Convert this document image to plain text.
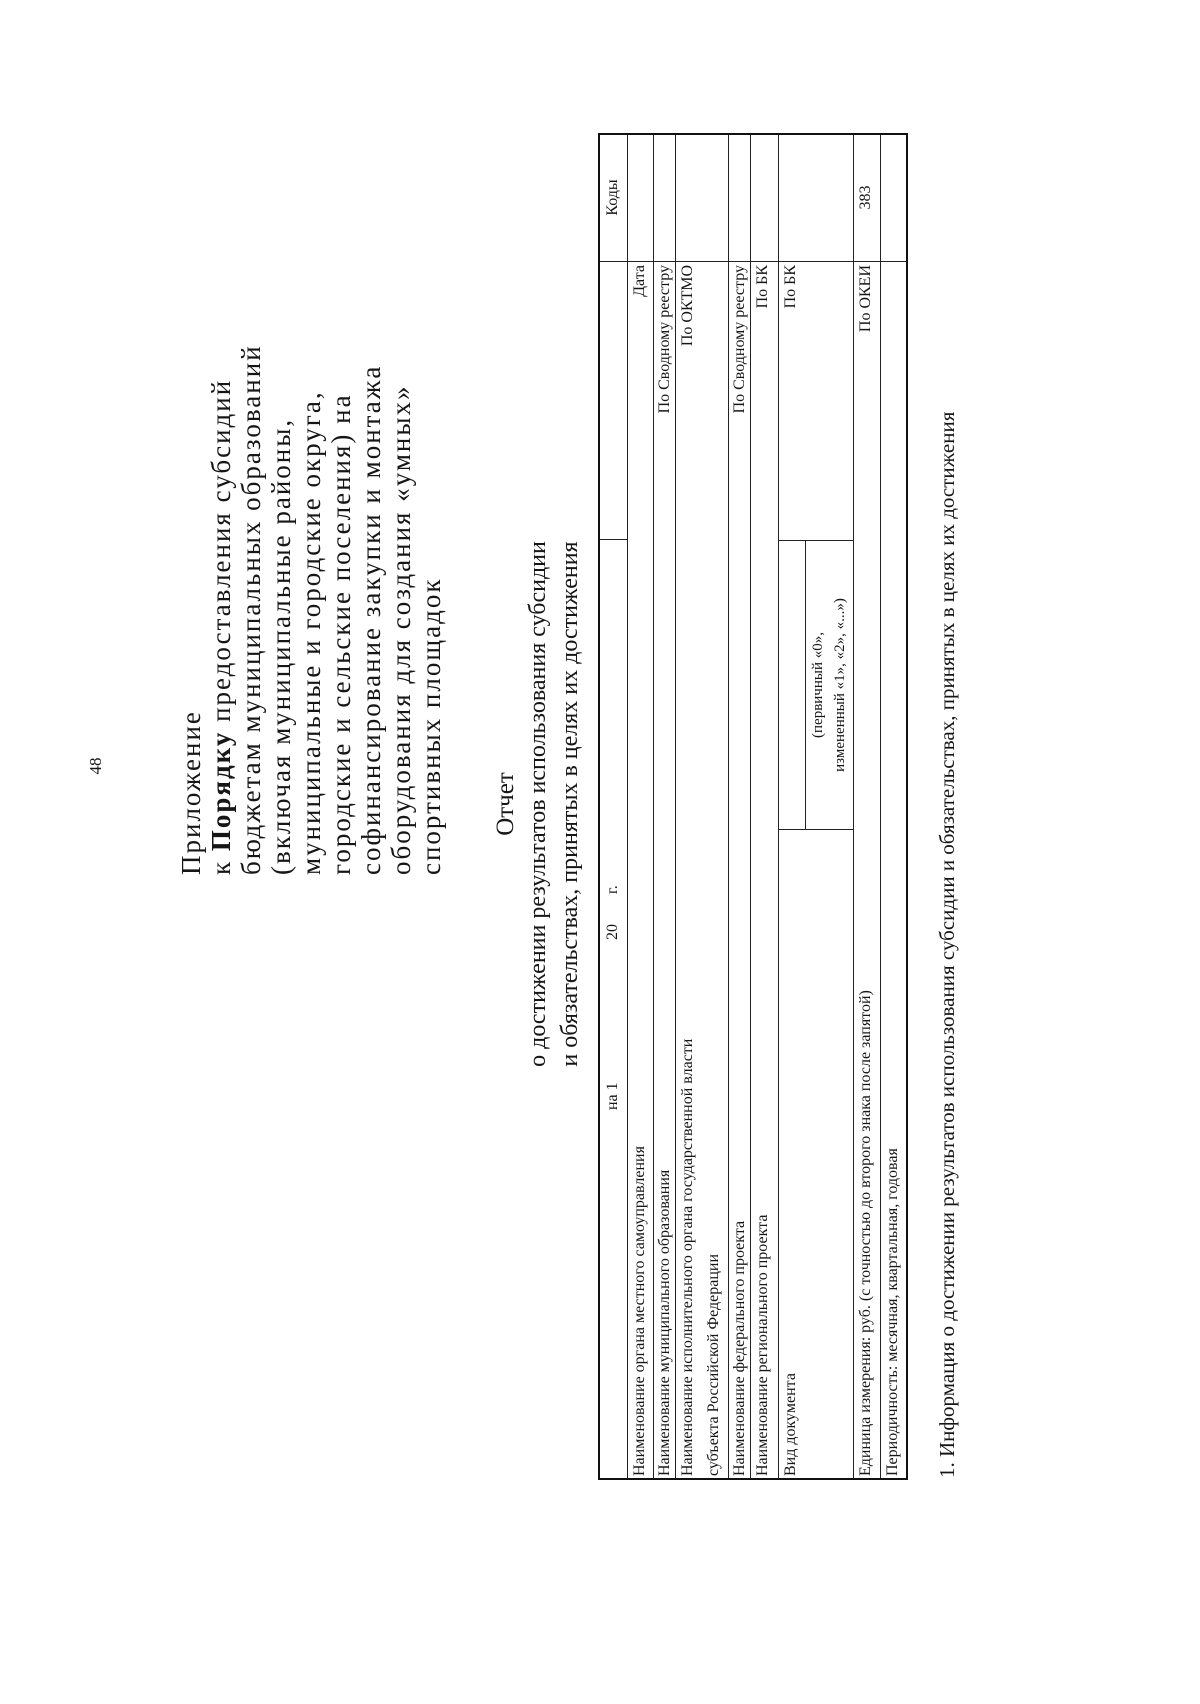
48	Приложение к Порядку предоставления субсидий бюджетам муниципальных образований (включая муниципальные районы, муниципальные и городские округа, городские и сельские поселения) на софинансирование закупки и монтажа оборудования для создания «умных» спортивных площадок Отчет о достижении результатов использования субсидии и обязательствах, принятых в целях их достижения
на 1
20
г.
Коды
Наименование органа местного самоуправления
Дата
Наименование муниципального образования
По Сводному реестру
Наименование исполнительного органа государственной власти субъекта Российской Федерации
По ОКТМО
Наименование федерального проекта
По Сводному реестру
Наименование регионального проекта
По БК
Вид документа
(первичный «0», измененный «1», «2», «...»)
По БК
Единица измерения: руб. (с точностью до второго знака после запятой)
По ОКЕИ
383
Периодичность: месячная, квартальная, годовая 1. Информация о достижении результатов использования субсидии и обязательствах, принятых в целях их достижения
